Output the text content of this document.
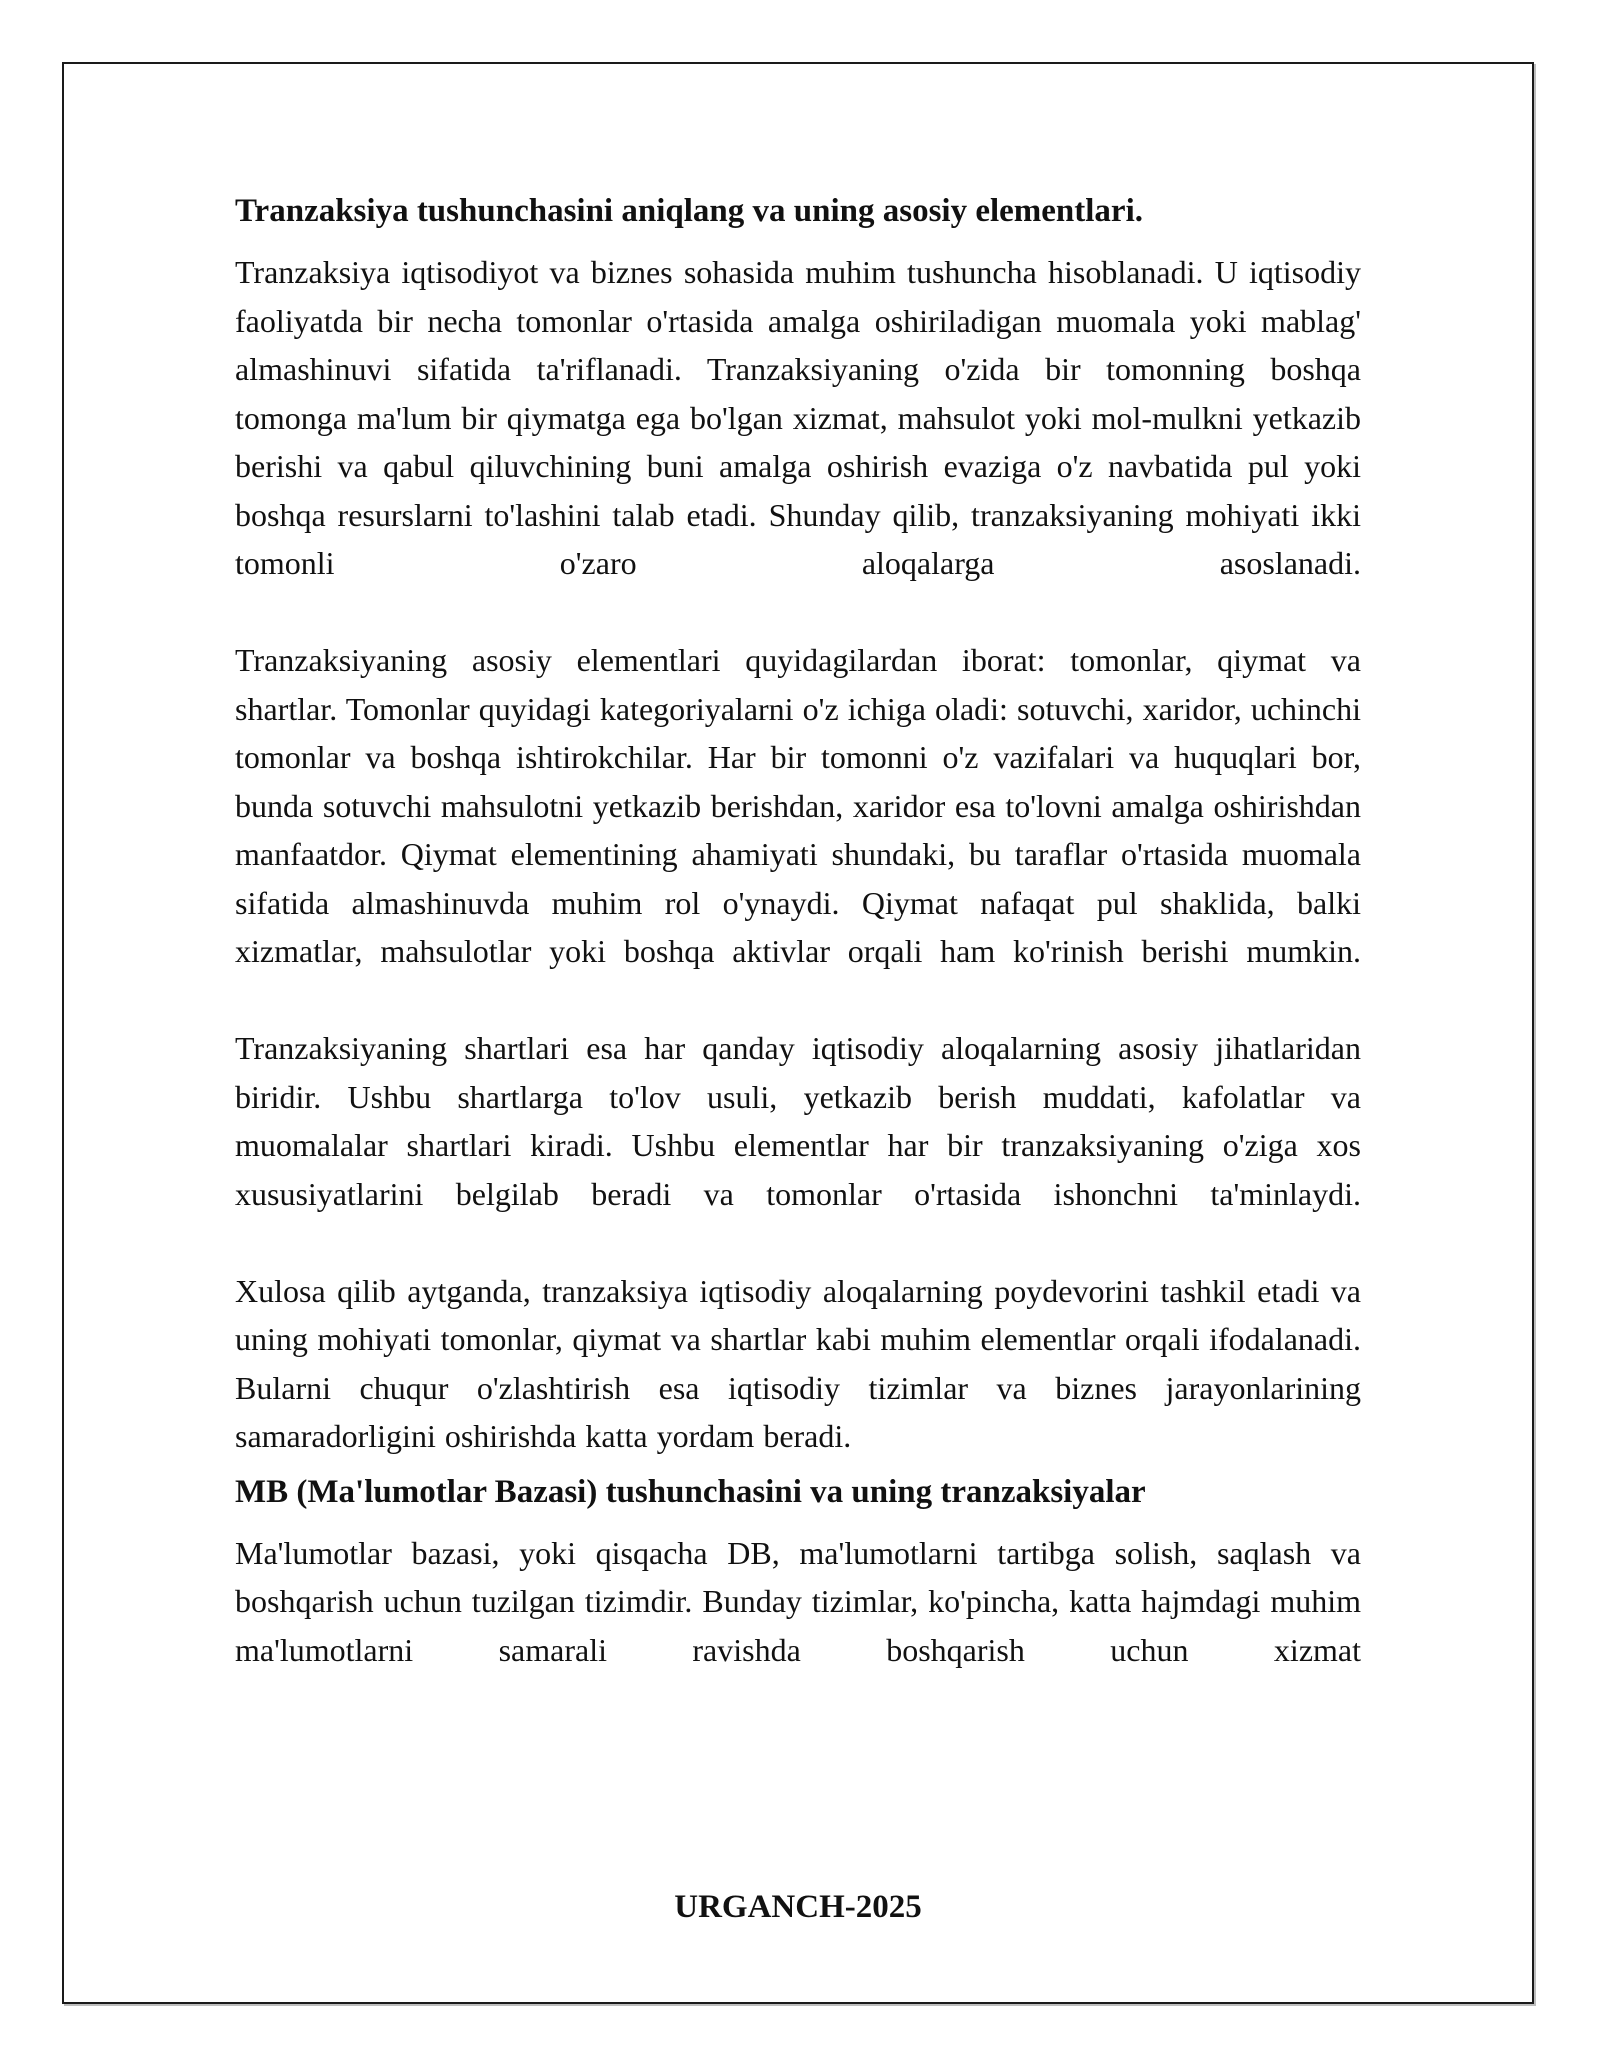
Tranzaksiya tushunchasini aniqlang va uning asosiy elementlari.

Tranzaksiya iqtisodiyot va biznes sohasida muhim tushuncha hisoblanadi. U iqtisodiy faoliyatda bir necha tomonlar o'rtasida amalga oshiriladigan muomala yoki mablag' almashinuvi sifatida ta'riflanadi. Tranzaksiyaning o'zida bir tomonning boshqa tomonga ma'lum bir qiymatga ega bo'lgan xizmat, mahsulot yoki mol-mulkni yetkazib berishi va qabul qiluvchining buni amalga oshirish evaziga o'z navbatida pul yoki boshqa resurslarni to'lashini talab etadi. Shunday qilib, tranzaksiyaning mohiyati ikki tomonli o'zaro aloqalarga asoslanadi.

Tranzaksiyaning asosiy elementlari quyidagilardan iborat: tomonlar, qiymat va shartlar. Tomonlar quyidagi kategoriyalarni o'z ichiga oladi: sotuvchi, xaridor, uchinchi tomonlar va boshqa ishtirokchilar. Har bir tomonni o'z vazifalari va huquqlari bor, bunda sotuvchi mahsulotni yetkazib berishdan, xaridor esa to'lovni amalga oshirishdan manfaatdor. Qiymat elementining ahamiyati shundaki, bu taraflar o'rtasida muomala sifatida almashinuvda muhim rol o'ynaydi. Qiymat nafaqat pul shaklida, balki xizmatlar, mahsulotlar yoki boshqa aktivlar orqali ham ko'rinish berishi mumkin.

Tranzaksiyaning shartlari esa har qanday iqtisodiy aloqalarning asosiy jihatlaridan biridir. Ushbu shartlarga to'lov usuli, yetkazib berish muddati, kafolatlar va muomalalar shartlari kiradi. Ushbu elementlar har bir tranzaksiyaning o'ziga xos xususiyatlarini belgilab beradi va tomonlar o'rtasida ishonchni ta'minlaydi.

Xulosa qilib aytganda, tranzaksiya iqtisodiy aloqalarning poydevorini tashkil etadi va uning mohiyati tomonlar, qiymat va shartlar kabi muhim elementlar orqali ifodalanadi. Bularni chuqur o'zlashtirish esa iqtisodiy tizimlar va biznes jarayonlarining samaradorligini oshirishda katta yordam beradi.

MB (Ma'lumotlar Bazasi) tushunchasini va uning tranzaksiyalar

Ma'lumotlar bazasi, yoki qisqacha DB, ma'lumotlarni tartibga solish, saqlash va boshqarish uchun tuzilgan tizimdir. Bunday tizimlar, ko'pincha, katta hajmdagi muhim ma'lumotlarni samarali ravishda boshqarish uchun xizmat

URGANCH-2025
